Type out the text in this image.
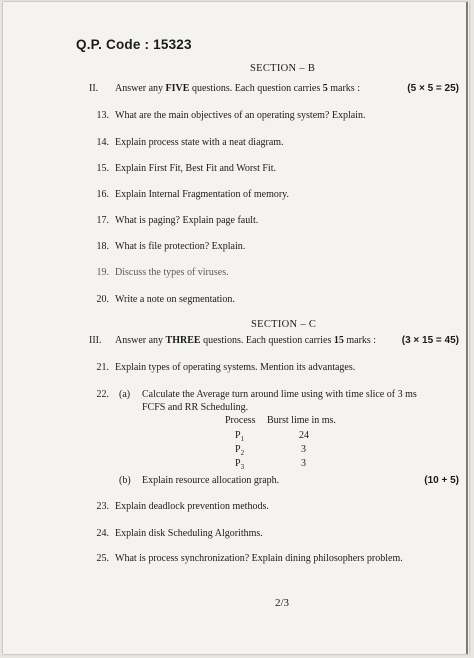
Q.P. Code : 15323
SECTION – B
II. Answer any FIVE questions. Each question carries 5 marks :	(5 × 5 = 25)
13. What are the main objectives of an operating system? Explain.
14. Explain process state with a neat diagram.
15. Explain First Fit, Best Fit and Worst Fit.
16. Explain Internal Fragmentation of memory.
17. What is paging? Explain page fault.
18. What is file protection? Explain.
19. Discuss the types of viruses.
20. Write a note on segmentation.
SECTION – C
III. Answer any THREE questions. Each question carries 15 marks :	(3 × 15 = 45)
21. Explain types of operating systems. Mention its advantages.
22. (a) Calculate the Average turn around lime using with time slice of 3 ms
FCFS and RR Scheduling.
Process Burst lime in ms.
$P_1$	24
$P_2$	3
$P_3$	3
(b) Explain resource allocation graph.	(10 + 5)
23. Explain deadlock prevention methods.
24. Explain disk Scheduling Algorithms.
25. What is process synchronization? Explain dining philosophers problem.
2/3
